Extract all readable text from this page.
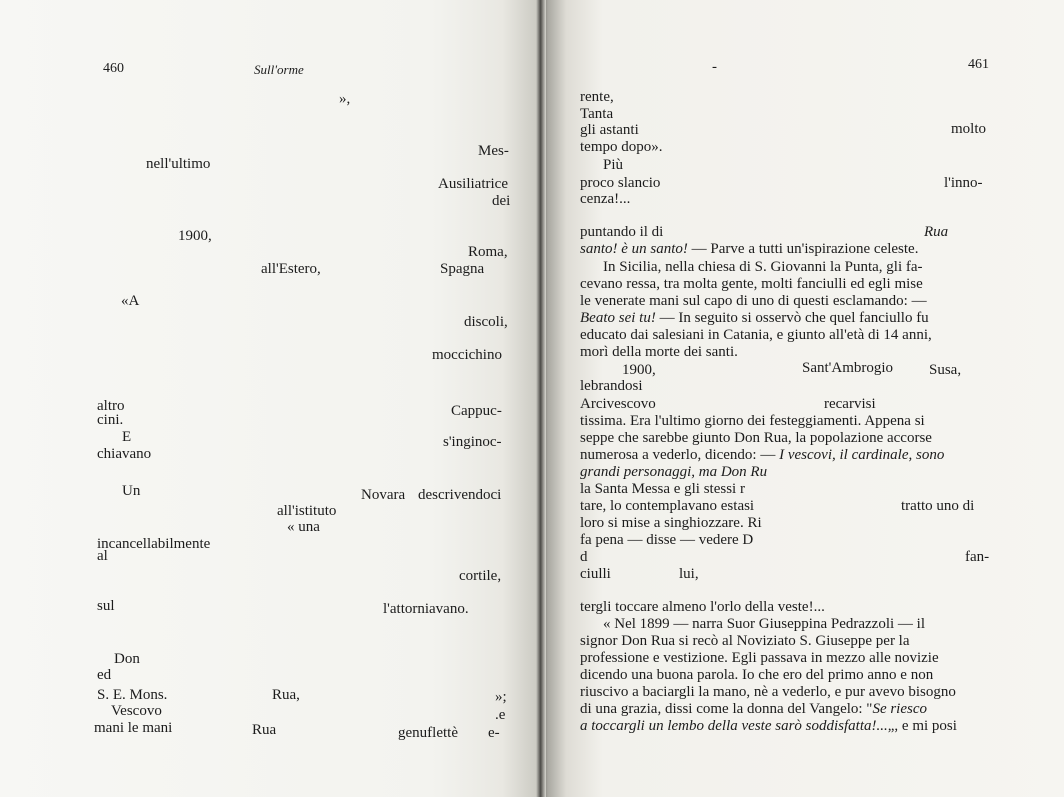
460	Sull'orme
»,
Mes-
nell'ultimo
Ausiliatrice
dei
1900,
Roma,
all'Estero,	Spagna
«A
discoli,
moccichino
altro	Cappuc-
cini.
E	s'inginoc-
chiavano
Un	Novara descrivendoci
all'istituto
« una
incancellabilmente
al
cortile,
sul	l'attorniavano.
Don
ed
S. E. Mons.	Rua,	»;
Vescovo	.e
mani le mani	Rua	genuflettè e-
-	461
rente,
Tanta
gli astanti	molto
tempo dopo».
Più
proco slancio	l'inno-
cenza!...
puntando il di	Rua
santo! è un santo! — Parve a tutti un'ispirazione celeste.
In Sicilia, nella chiesa di S. Giovanni la Punta, gli fa-
cevano ressa, tra molta gente, molti fanciulli ed egli mise
le venerate mani sul capo di uno di questi esclamando: —
Beato sei tu! — In seguito si osservò che quel fanciullo fu
educato dai salesiani in Catania, e giunto all'età di 14 anni,
morì della morte dei santi.
1900,	Sant'Ambrogio Susa,
lebrandosi
Arcivescovo	recarvisi
tissima. Era l'ultimo giorno dei festeggiamenti. Appena si
seppe che sarebbe giunto Don Rua, la popolazione accorse
numerosa a vederlo, dicendo: — I vescovi, il cardinale, sono
grandi personaggi, ma Don Ru
la Santa Messa e gli stessi r
tare, lo contemplavano estasi	tratto uno di
loro si mise a singhiozzare. Ri
fa pena — disse — vedere D
d	fan-
ciulli	lui,
tergli toccare almeno l'orlo della veste!...
« Nel 1899 — narra Suor Giuseppina Pedrazzoli — il
signor Don Rua si recò al Noviziato S. Giuseppe per la
professione e vestizione. Egli passava in mezzo alle novizie
dicendo una buona parola. Io che ero del primo anno e non
riuscivo a baciargli la mano, nè a vederlo, e pur avevo bisogno
di una grazia, dissi come la donna del Vangelo: "Se riesco
a toccargli un lembo della veste sarò soddisfatta!...„, e mi posi
